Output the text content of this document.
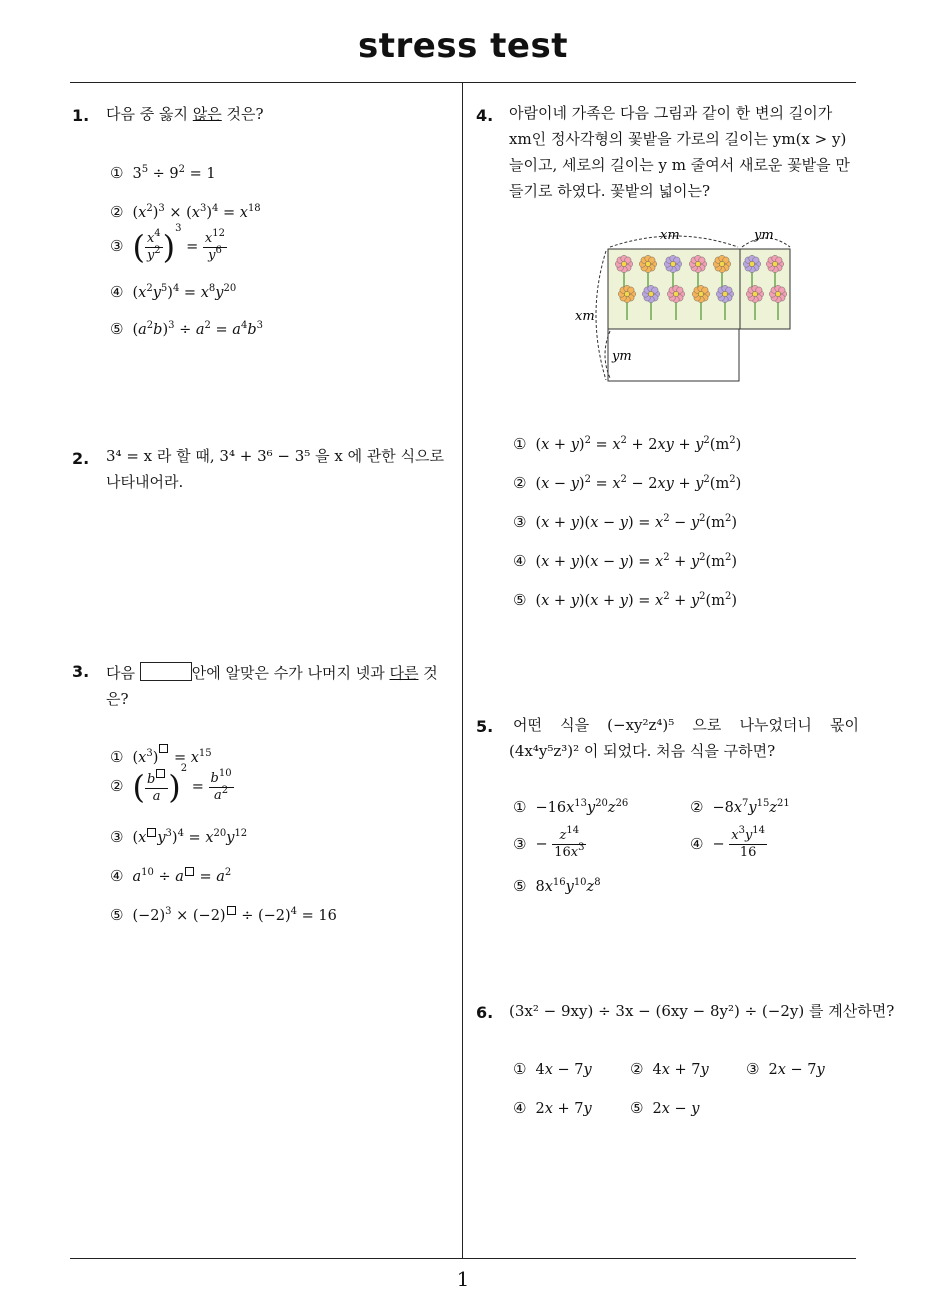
stress test
1
1. 다음 중 옳지 않은 것은?
① $3^5 \div 9^2 = 1$
② $(x^2)^3 \times (x^3)^4 = x^{18}$
③ ( $\frac{x^4}{y^2} )^3 = \frac{x^{12}}{y^6}$
④ $(x^2y^5)^4 = x^8y^{20}$
⑤ $(a^2b)^3 \div a^2 = a^4b^3$
2. 3⁴ = x 라 할 때, 3⁴ + 3⁶ − 3⁵ 을 x 에 관한 식으로 나타내어라.
3. 다음	안에 알맞은 수가 나머지 넷과 다른 것은?
① $(x^3) = x^{15}$
② ( $\frac{b}{a} )^2 = \frac{b^{10}}{a^2}$
③ (x $y^3)^4 = x^{20}y^{12}$
④ $a^{10} \div a = a^2$
⑤ $(-2)^3 \times (-2) \div (-2)^4 = 16$
4. 아람이네 가족은 다음 그림과 같이 한 변의 길이가 xm인 정사각형의 꽃밭을 가로의 길이는 ym(x > y) 늘이고, 세로의 길이는 y m 줄여서 새로운 꽃밭을 만들기로 하였다. 꽃밭의 넓이는?
xm	ym
xm
ym
① $(x + y)^2 = x^2 + 2xy + y^2(m^2)$
② $(x - y)^2 = x^2 - 2xy + y^2(m^2)$
③ $(x + y)(x - y) = x^2 - y^2(m^2)$
④ $(x + y)(x - y) = x^2 + y^2(m^2)$
⑤ $(x + y)(x + y) = x^2 + y^2(m^2)$
5. 어떤 식을 (−xy²z⁴)⁵ 으로 나누었더니 몫이
(4x⁴y⁵z³)² 이 되었다. 처음 식을 구하면?
① $-16x^{13}y^{20}z^{26}$	② $-8x^7y^{15}z^{21}$
③ − $\frac{z^{14}}{16x^3}$	④ − $\frac{x^3y^{14}}{16}$
⑤ $8x^{16}y^{10}z^8$
6. (3x² − 9xy) ÷ 3x − (6xy − 8y²) ÷ (−2y) 를 계산하면?
① 4x − 7y	② 4x + 7y ③ 2x − 7y
④ 2x + 7y	⑤ 2x − y
